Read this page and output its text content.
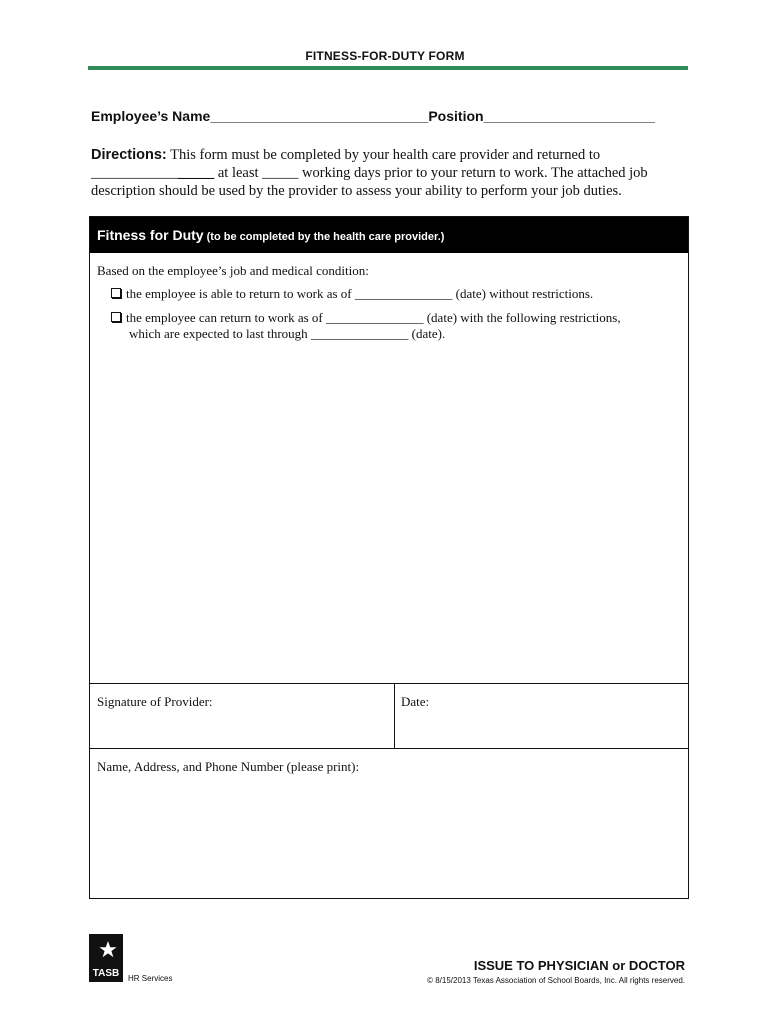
FITNESS-FOR-DUTY FORM
Employee’s Name____________________________Position______________________
Directions: This form must be completed by your health care provider and returned to _________________ at least _____ working days prior to your return to work. The attached job description should be used by the provider to assess your ability to perform your job duties.
Fitness for Duty (to be completed by the health care provider.)
Based on the employee’s job and medical condition:
the employee is able to return to work as of _______________ (date) without restrictions.
the employee can return to work as of _______________ (date) with the following restrictions,
which are expected to last through _______________ (date).
Signature of Provider:	Date:
Name, Address, and Phone Number (please print):
TASB HR Services
ISSUE TO PHYSICIAN or DOCTOR
© 8/15/2013 Texas Association of School Boards, Inc. All rights reserved.
